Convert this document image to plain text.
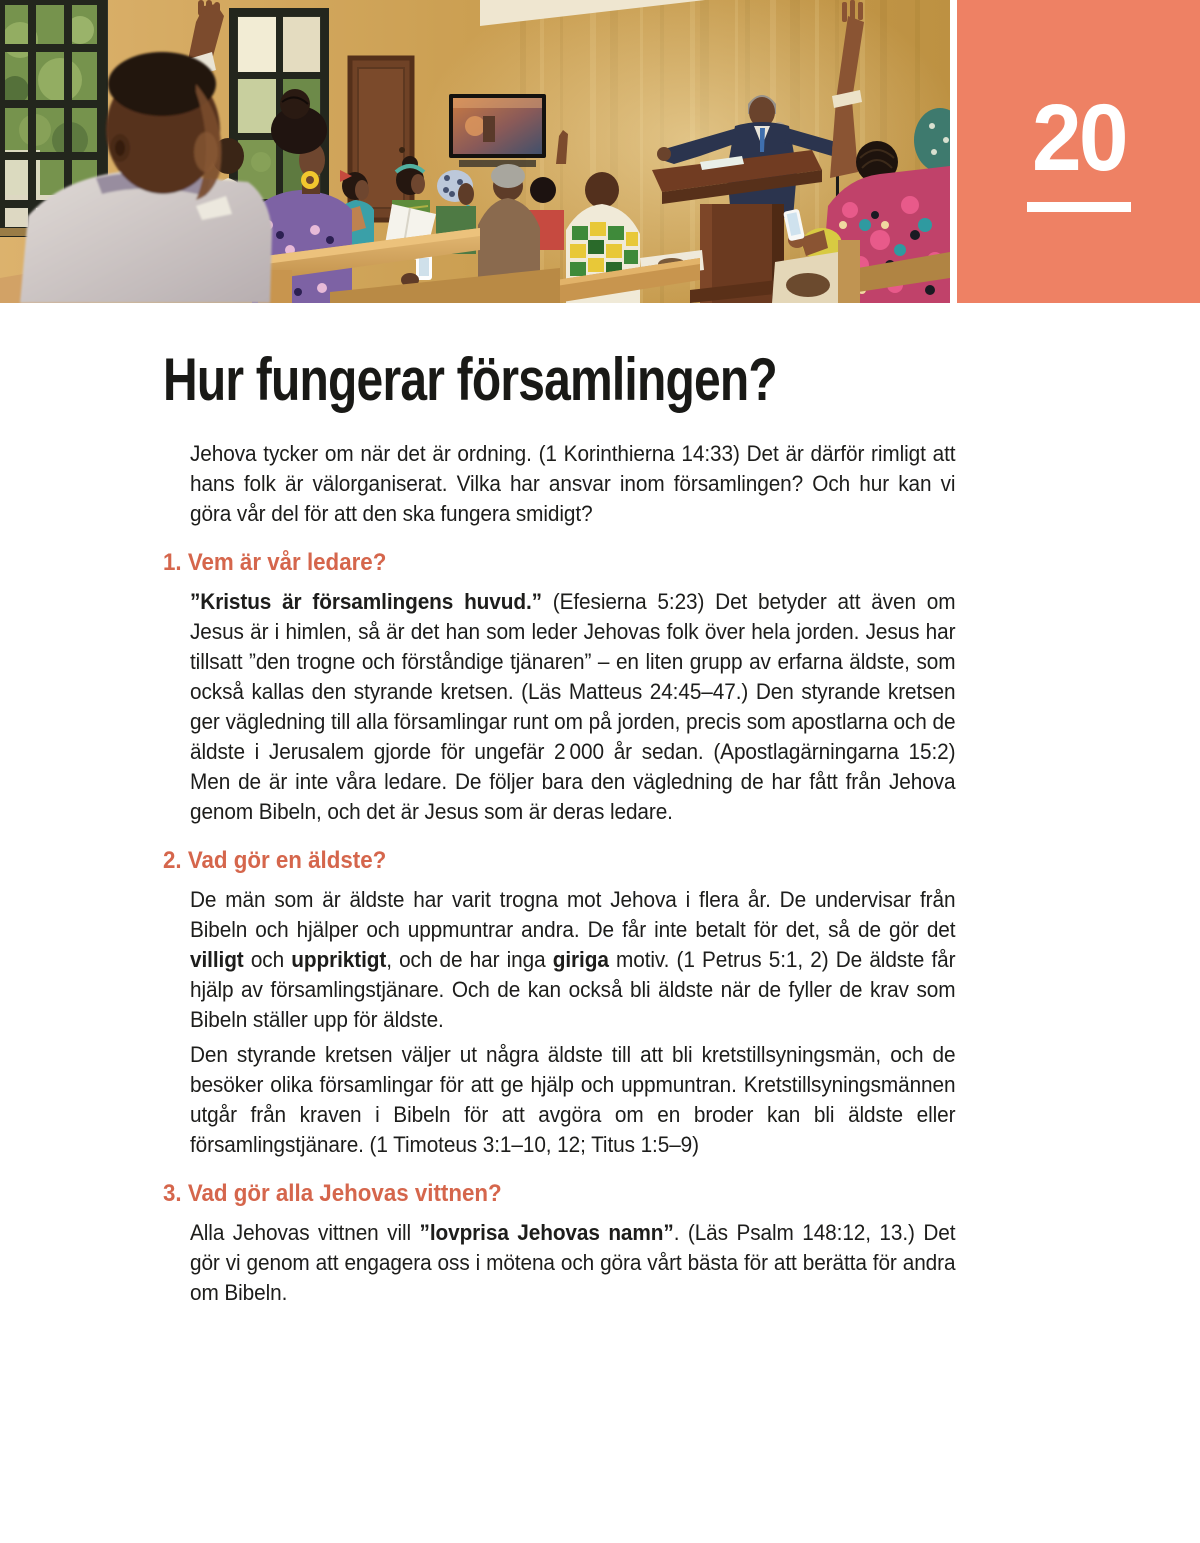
20
Hur fungerar församlingen?

Jehova tycker om när det är ordning. (1 Korinthierna 14:33) Det är därför rimligt att hans folk är välorganiserat. Vilka har ansvar inom församlingen? Och hur kan vi göra vår del för att den ska fungera smidigt?

1. Vem är vår ledare?

”Kristus är församlingens huvud.” (Efesierna 5:23) Det betyder att även om Jesus är i himlen, så är det han som leder Jehovas folk över hela jorden. Jesus har tillsatt ”den trogne och förståndige tjänaren” – en liten grupp av erfarna äldste, som också kallas den styrande kretsen. (Läs Matteus 24:45–47.) Den styrande kretsen ger vägledning till alla församlingar runt om på jorden, precis som apostlarna och de äldste i Jerusalem gjorde för ungefär 2 000 år sedan. (Apostlagärningarna 15:2) Men de är inte våra ledare. De följer bara den vägledning de har fått från Jehova genom Bibeln, och det är Jesus som är deras ledare.

2. Vad gör en äldste?

De män som är äldste har varit trogna mot Jehova i flera år. De undervisar från Bibeln och hjälper och uppmuntrar andra. De får inte betalt för det, så de gör det villigt och uppriktigt, och de har inga giriga motiv. (1 Petrus 5:1, 2) De äldste får hjälp av församlingstjänare. Och de kan också bli äldste när de fyller de krav som Bibeln ställer upp för äldste.

Den styrande kretsen väljer ut några äldste till att bli kretstillsyningsmän, och de besöker olika församlingar för att ge hjälp och uppmuntran. Kretstillsyningsmännen utgår från kraven i Bibeln för att avgöra om en broder kan bli äldste eller församlingstjänare. (1 Timoteus 3:1–10, 12; Titus 1:5–9)

3. Vad gör alla Jehovas vittnen?

Alla Jehovas vittnen vill ”lovprisa Jehovas namn”. (Läs Psalm 148:12, 13.) Det gör vi genom att engagera oss i mötena och göra vårt bästa för att berätta för andra om Bibeln.
